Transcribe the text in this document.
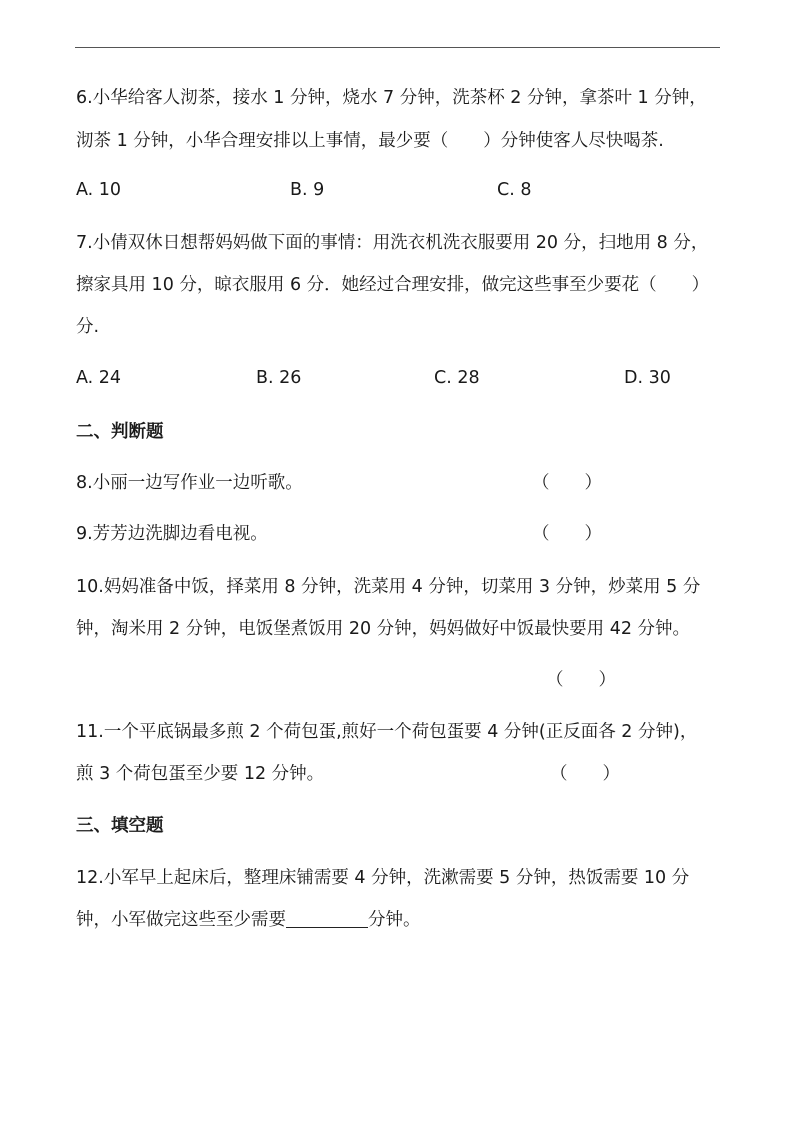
6.小华给客人沏茶，接水 1 分钟，烧水 7 分钟，洗茶杯 2 分钟，拿茶叶 1 分钟，
沏茶 1 分钟，小华合理安排以上事情，最少要（　　）分钟使客人尽快喝茶.
A. 10	B. 9	C. 8
7.小倩双休日想帮妈妈做下面的事情：用洗衣机洗衣服要用 20 分，扫地用 8 分，
擦家具用 10 分，晾衣服用 6 分．她经过合理安排，做完这些事至少要花（　　）
分.
A. 24	B. 26	C. 28	D. 30
二、判断题
8.小丽一边写作业一边听歌。	（　　）
9.芳芳边洗脚边看电视。	（　　）
10.妈妈准备中饭，择菜用 8 分钟，洗菜用 4 分钟，切菜用 3 分钟，炒菜用 5 分
钟，淘米用 2 分钟，电饭堡煮饭用 20 分钟，妈妈做好中饭最快要用 42 分钟。
（　　）
11.一个平底锅最多煎 2 个荷包蛋,煎好一个荷包蛋要 4 分钟(正反面各 2 分钟)，
煎 3 个荷包蛋至少要 12 分钟。	（　　）
三、填空题
12.小军早上起床后，整理床铺需要 4 分钟，洗漱需要 5 分钟，热饭需要 10 分
钟，小军做完这些至少需要	分钟。
